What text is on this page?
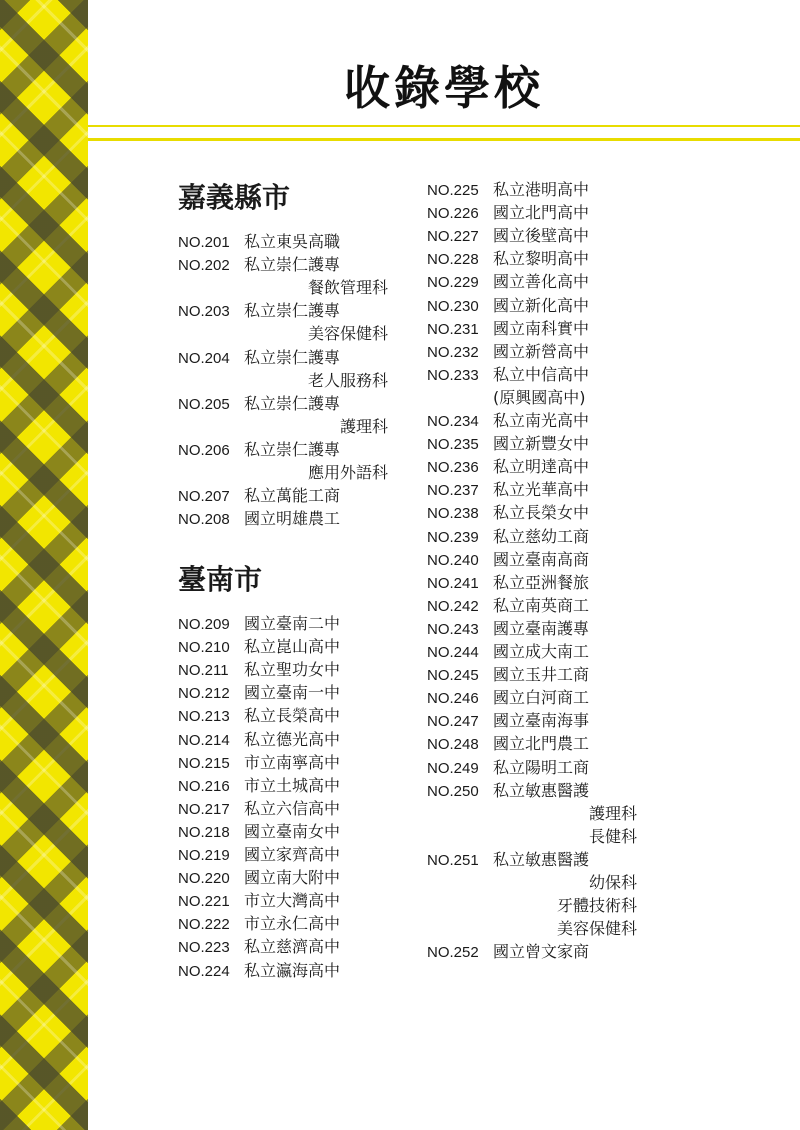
收錄學校
嘉義縣市
NO.201 私立東吳高職
NO.202 私立崇仁護專
餐飲管理科
NO.203 私立崇仁護專
美容保健科
NO.204 私立崇仁護專
老人服務科
NO.205 私立崇仁護專
護理科
NO.206 私立崇仁護專
應用外語科
NO.207 私立萬能工商
NO.208 國立明雄農工
臺南市
NO.209 國立臺南二中
NO.210 私立崑山高中
NO.211 私立聖功女中
NO.212 國立臺南一中
NO.213 私立長榮高中
NO.214 私立德光高中
NO.215 市立南寧高中
NO.216 市立土城高中
NO.217 私立六信高中
NO.218 國立臺南女中
NO.219 國立家齊高中
NO.220 國立南大附中
NO.221 市立大灣高中
NO.222 市立永仁高中
NO.223 私立慈濟高中
NO.224 私立瀛海高中
NO.225 私立港明高中
NO.226 國立北門高中
NO.227 國立後壁高中
NO.228 私立黎明高中
NO.229 國立善化高中
NO.230 國立新化高中
NO.231 國立南科實中
NO.232 國立新營高中
NO.233 私立中信高中
(原興國高中)
NO.234 私立南光高中
NO.235 國立新豐女中
NO.236 私立明達高中
NO.237 私立光華高中
NO.238 私立長榮女中
NO.239 私立慈幼工商
NO.240 國立臺南高商
NO.241 私立亞洲餐旅
NO.242 私立南英商工
NO.243 國立臺南護專
NO.244 國立成大南工
NO.245 國立玉井工商
NO.246 國立白河商工
NO.247 國立臺南海事
NO.248 國立北門農工
NO.249 私立陽明工商
NO.250 私立敏惠醫護
護理科
長健科
NO.251 私立敏惠醫護
幼保科
牙體技術科
美容保健科
NO.252 國立曾文家商
